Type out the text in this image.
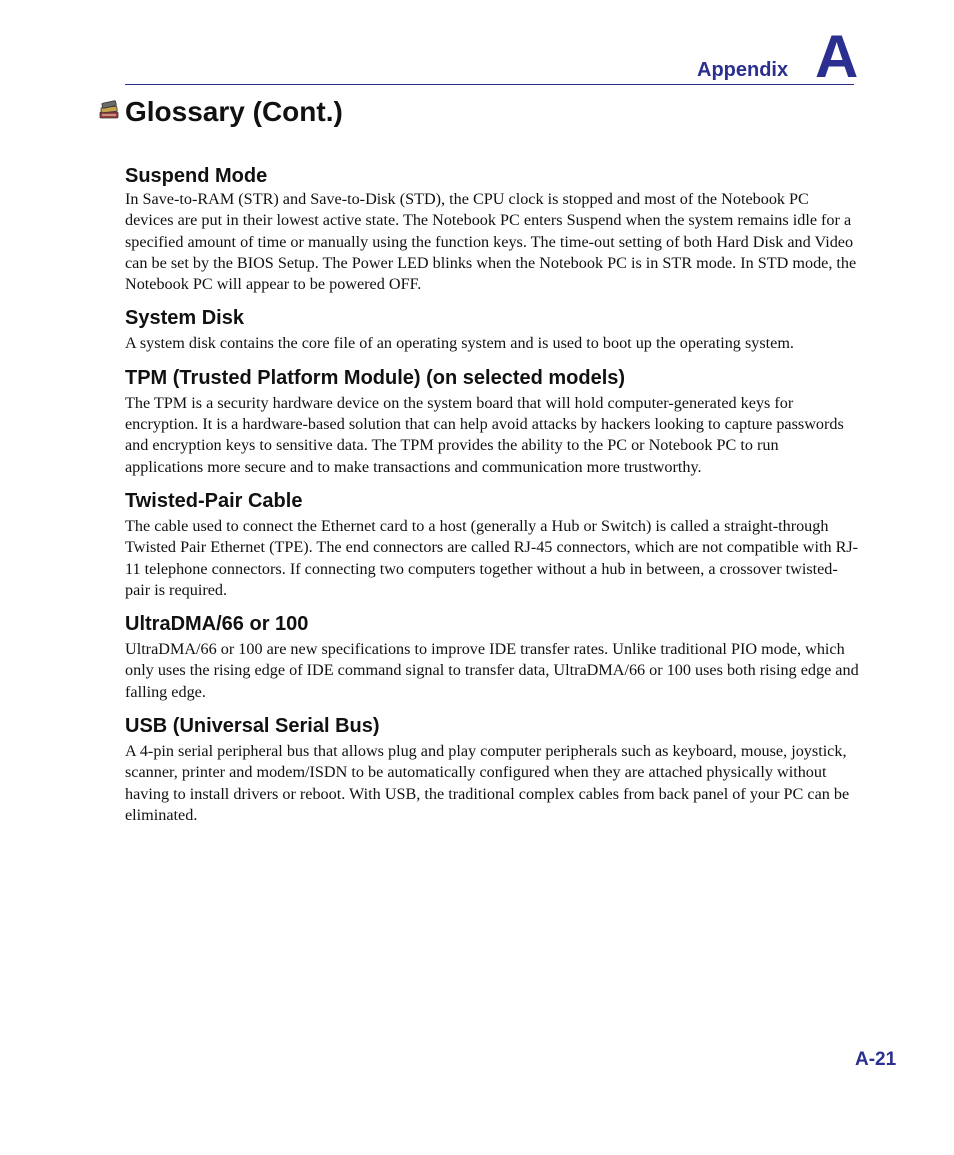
Appendix A
Glossary (Cont.)
Suspend Mode

In Save-to-RAM (STR) and Save-to-Disk (STD), the CPU clock is stopped and most of the Notebook PC devices are put in their lowest active state. The Notebook PC enters Suspend when the system remains idle for a specified amount of time or manually using the function keys. The time-out setting of both Hard Disk and Video can be set by the BIOS Setup. The Power LED blinks when the Notebook PC is in STR mode. In STD mode, the Notebook PC will appear to be powered OFF.

System Disk

A system disk contains the core file of an operating system and is used to boot up the operating system.

TPM (Trusted Platform Module) (on selected models)

The TPM is a security hardware device on the system board that will hold computer-generated keys for encryption. It is a hardware-based solution that can help avoid attacks by hackers looking to capture passwords and encryption keys to sensitive data. The TPM provides the ability to the PC or Notebook PC to run applications more secure and to make transactions and communication more trustworthy.

Twisted-Pair Cable

The cable used to connect the Ethernet card to a host (generally a Hub or Switch) is called a straight-through Twisted Pair Ethernet (TPE). The end connectors are called RJ-45 connectors, which are not compatible with RJ-11 telephone connectors. If connecting two computers together without a hub in between, a crossover twisted-pair is required.

UltraDMA/66 or 100

UltraDMA/66 or 100 are new specifications to improve IDE transfer rates. Unlike traditional PIO mode, which only uses the rising edge of IDE command signal to transfer data, UltraDMA/66 or 100 uses both rising edge and falling edge.

USB (Universal Serial Bus)

A 4-pin serial peripheral bus that allows plug and play computer peripherals such as keyboard, mouse, joystick, scanner, printer and modem/ISDN to be automatically configured when they are attached physically without having to install drivers or reboot. With USB, the traditional complex cables from back panel of your PC can be eliminated.

A-21
